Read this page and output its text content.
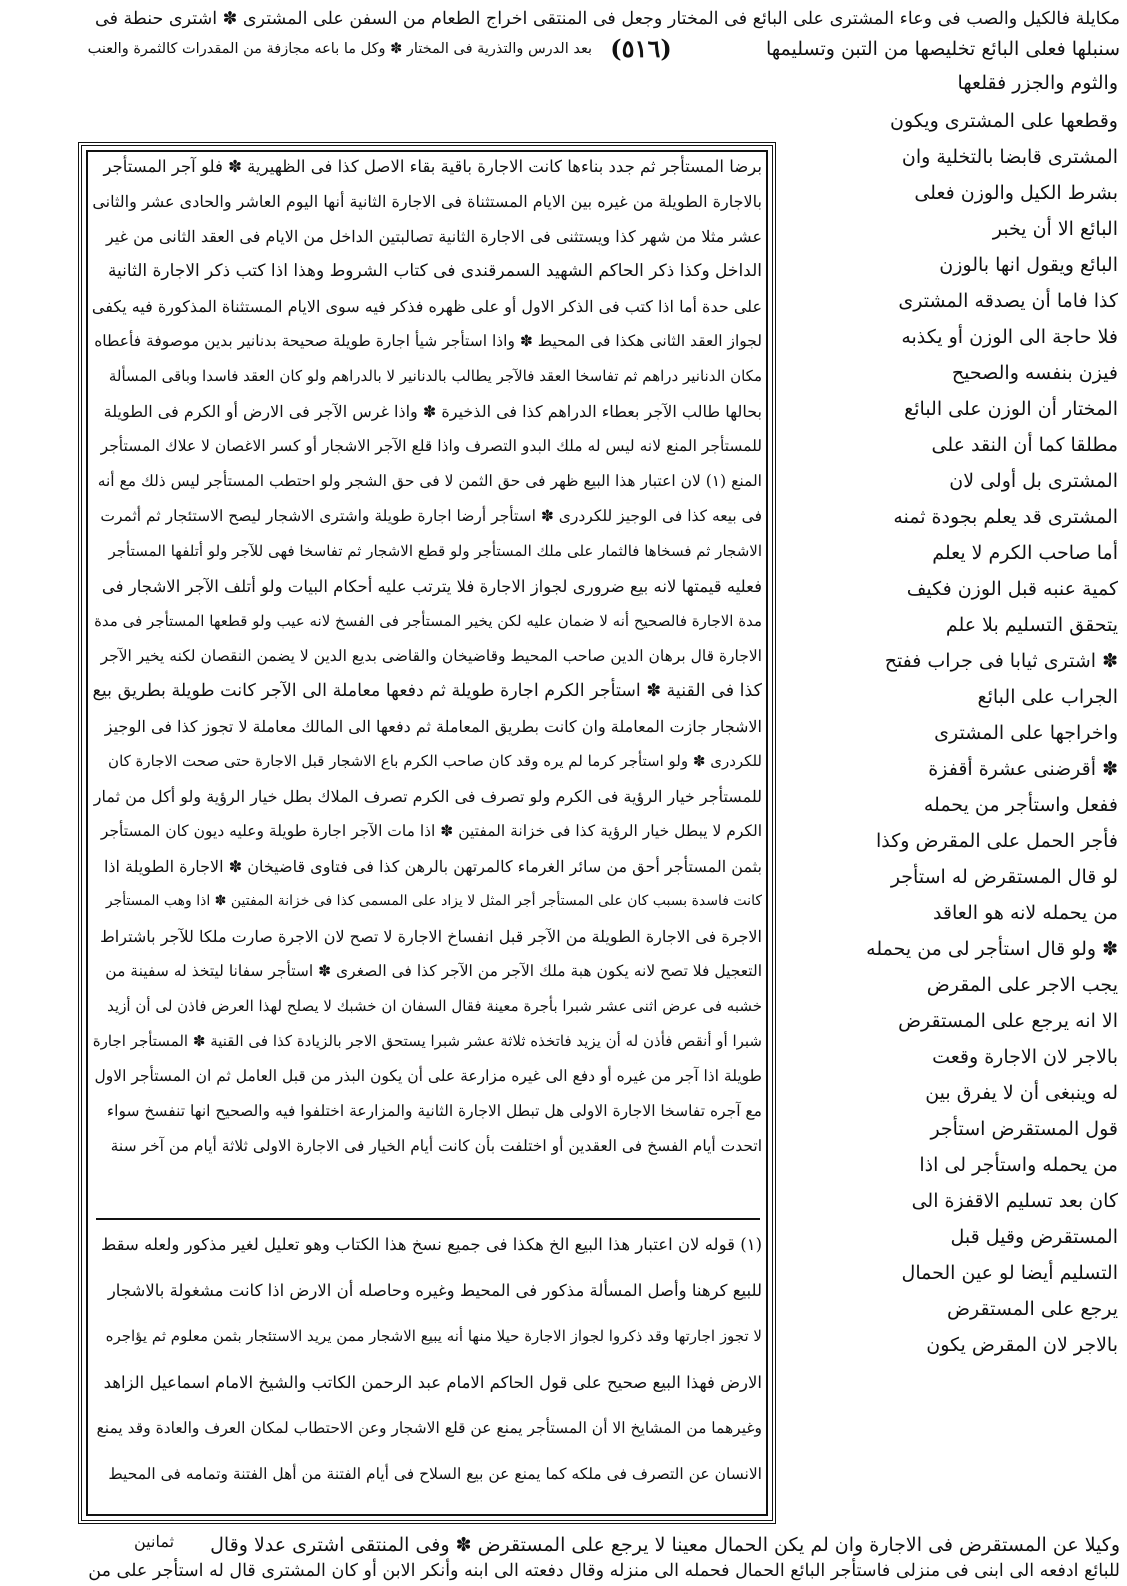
مكايلة فالكيل والصب فى وعاء المشترى على البائع فى المختار وجعل فى المنتقى اخراج الطعام من السفن على المشترى ✽ اشترى حنطة فى
(٥١٦)	سنبلها فعلى البائع تخليصها من التبن وتسليمها
بعد الدرس والتذرية فى المختار ✽ وكل ما باعه مجازفة من المقدرات كالثمرة والعنب
والثوم والجزر فقلعها
برضا المستأجر ثم جدد بناءها كانت الاجارة باقية بقاء الاصل كذا فى الظهيرية ✽ فلو آجر المستأجر
بالاجارة الطويلة من غيره بين الايام المستثناة فى الاجارة الثانية أنها اليوم العاشر والحادى عشر والثانى
عشر مثلا من شهر كذا ويستثنى فى الاجارة الثانية تصالبتين الداخل من الايام فى العقد الثانى من غير
الداخل وكذا ذكر الحاكم الشهيد السمرقندى فى كتاب الشروط وهذا اذا كتب ذكر الاجارة الثانية
على حدة أما اذا كتب فى الذكر الاول أو على ظهره فذكر فيه سوى الايام المستثناة المذكورة فيه يكفى
لجواز العقد الثانى هكذا فى المحيط ✽ واذا استأجر شيأ اجارة طويلة صحيحة بدنانير بدين موصوفة فأعطاه
مكان الدنانير دراهم ثم تفاسخا العقد فالآجر يطالب بالدنانير لا بالدراهم ولو كان العقد فاسدا وباقى المسألة
بحالها طالب الآجر بعطاء الدراهم كذا فى الذخيرة ✽ واذا غرس الآجر فى الارض أو الكرم فى الطويلة
للمستأجر المنع لانه ليس له ملك البدو التصرف واذا قلع الآجر الاشجار أو كسر الاغصان لا علاك المستأجر
المنع (١) لان اعتبار هذا البيع ظهر فى حق الثمن لا فى حق الشجر ولو احتطب المستأجر ليس ذلك مع أنه
فى بيعه كذا فى الوجيز للكردرى ✽ استأجر أرضا اجارة طويلة واشترى الاشجار ليصح الاستئجار ثم أثمرت
الاشجار ثم فسخاها فالثمار على ملك المستأجر ولو قطع الاشجار ثم تفاسخا فهى للآجر ولو أتلفها المستأجر
فعليه قيمتها لانه بيع ضرورى لجواز الاجارة فلا يترتب عليه أحكام البيات ولو أتلف الآجر الاشجار فى
مدة الاجارة فالصحيح أنه لا ضمان عليه لكن يخير المستأجر فى الفسخ لانه عيب ولو قطعها المستأجر فى مدة
الاجارة قال برهان الدين صاحب المحيط وقاضيخان والقاضى بديع الدين لا يضمن النقصان لكنه يخير الآجر
كذا فى القنية ✽ استأجر الكرم اجارة طويلة ثم دفعها معاملة الى الآجر كانت طويلة بطريق بيع
الاشجار جازت المعاملة وان كانت بطريق المعاملة ثم دفعها الى المالك معاملة لا تجوز كذا فى الوجيز
للكردرى ✽ ولو استأجر كرما لم يره وقد كان صاحب الكرم باع الاشجار قبل الاجارة حتى صحت الاجارة كان
للمستأجر خيار الرؤية فى الكرم ولو تصرف فى الكرم تصرف الملاك بطل خيار الرؤية ولو أكل من ثمار
الكرم لا يبطل خيار الرؤية كذا فى خزانة المفتين ✽ اذا مات الآجر اجارة طويلة وعليه ديون كان المستأجر
بثمن المستأجر أحق من سائر الغرماء كالمرتهن بالرهن كذا فى فتاوى قاضيخان ✽ الاجارة الطويلة اذا
كانت فاسدة بسبب كان على المستأجر أجر المثل لا يزاد على المسمى كذا فى خزانة المفتين ✽ اذا وهب المستأجر
الاجرة فى الاجارة الطويلة من الآجر قبل انفساخ الاجارة لا تصح لان الاجرة صارت ملكا للآجر باشتراط
التعجيل فلا تصح لانه يكون هبة ملك الآجر من الآجر كذا فى الصغرى ✽ استأجر سفانا ليتخذ له سفينة من
خشبه فى عرض اثنى عشر شبرا بأجرة معينة فقال السفان ان خشبك لا يصلح لهذا العرض فاذن لى أن أزيد
شبرا أو أنقص فأذن له أن يزيد فاتخذه ثلاثة عشر شبرا يستحق الاجر بالزيادة كذا فى القنية ✽ المستأجر اجارة
طويلة اذا آجر من غيره أو دفع الى غيره مزارعة على أن يكون البذر من قبل العامل ثم ان المستأجر الاول
مع آجره تفاسخا الاجارة الاولى هل تبطل الاجارة الثانية والمزارعة اختلفوا فيه والصحيح انها تنفسخ سواء
اتحدت أيام الفسخ فى العقدين أو اختلفت بأن كانت أيام الخيار فى الاجارة الاولى ثلاثة أيام من آخر سنة
(١) قوله لان اعتبار هذا البيع الخ هكذا فى جميع نسخ هذا الكتاب وهو تعليل لغير مذكور ولعله سقط
للبيع كرهنا وأصل المسألة مذكور فى المحيط وغيره وحاصله أن الارض اذا كانت مشغولة بالاشجار
لا تجوز اجارتها وقد ذكروا لجواز الاجارة حيلا منها أنه يبيع الاشجار ممن يريد الاستئجار بثمن معلوم ثم يؤاجره
الارض فهذا البيع صحيح على قول الحاكم الامام عبد الرحمن الكاتب والشيخ الامام اسماعيل الزاهد
وغيرهما من المشايخ الا أن المستأجر يمنع عن قلع الاشجار وعن الاحتطاب لمكان العرف والعادة وقد يمنع
الانسان عن التصرف فى ملكه كما يمنع عن بيع السلاح فى أيام الفتنة من أهل الفتنة وتمامه فى المحيط
وقطعها على المشترى ويكون
المشترى قابضا بالتخلية وان
بشرط الكيل والوزن فعلى
البائع الا أن يخبر
البائع ويقول انها بالوزن
كذا فاما أن يصدقه المشترى
فلا حاجة الى الوزن أو يكذبه
فيزن بنفسه والصحيح
المختار أن الوزن على البائع
مطلقا كما أن النقد على
المشترى بل أولى لان
المشترى قد يعلم بجودة ثمنه
أما صاحب الكرم لا يعلم
كمية عنبه قبل الوزن فكيف
يتحقق التسليم بلا علم
✽ اشترى ثيابا فى جراب ففتح
الجراب على البائع
واخراجها على المشترى
✽ أقرضنى عشرة أقفزة
ففعل واستأجر من يحمله
فأجر الحمل على المقرض وكذا
لو قال المستقرض له استأجر
من يحمله لانه هو العاقد
✽ ولو قال استأجر لى من يحمله
يجب الاجر على المقرض
الا انه يرجع على المستقرض
بالاجر لان الاجارة وقعت
له وينبغى أن لا يفرق بين
قول المستقرض استأجر
من يحمله واستأجر لى اذا
كان بعد تسليم الاقفزة الى
المستقرض وقيل قبل
التسليم أيضا لو عين الحمال
يرجع على المستقرض
بالاجر لان المقرض يكون
وكيلا عن المستقرض فى الاجارة وان لم يكن الحمال معينا لا يرجع على المستقرض ✽ وفى المنتقى اشترى عدلا وقال
ثمانين
للبائع ادفعه الى ابنى فى منزلى فاستأجر البائع الحمال فحمله الى منزله وقال دفعته الى ابنه وأنكر الابن أو كان المشترى قال له استأجر على من
